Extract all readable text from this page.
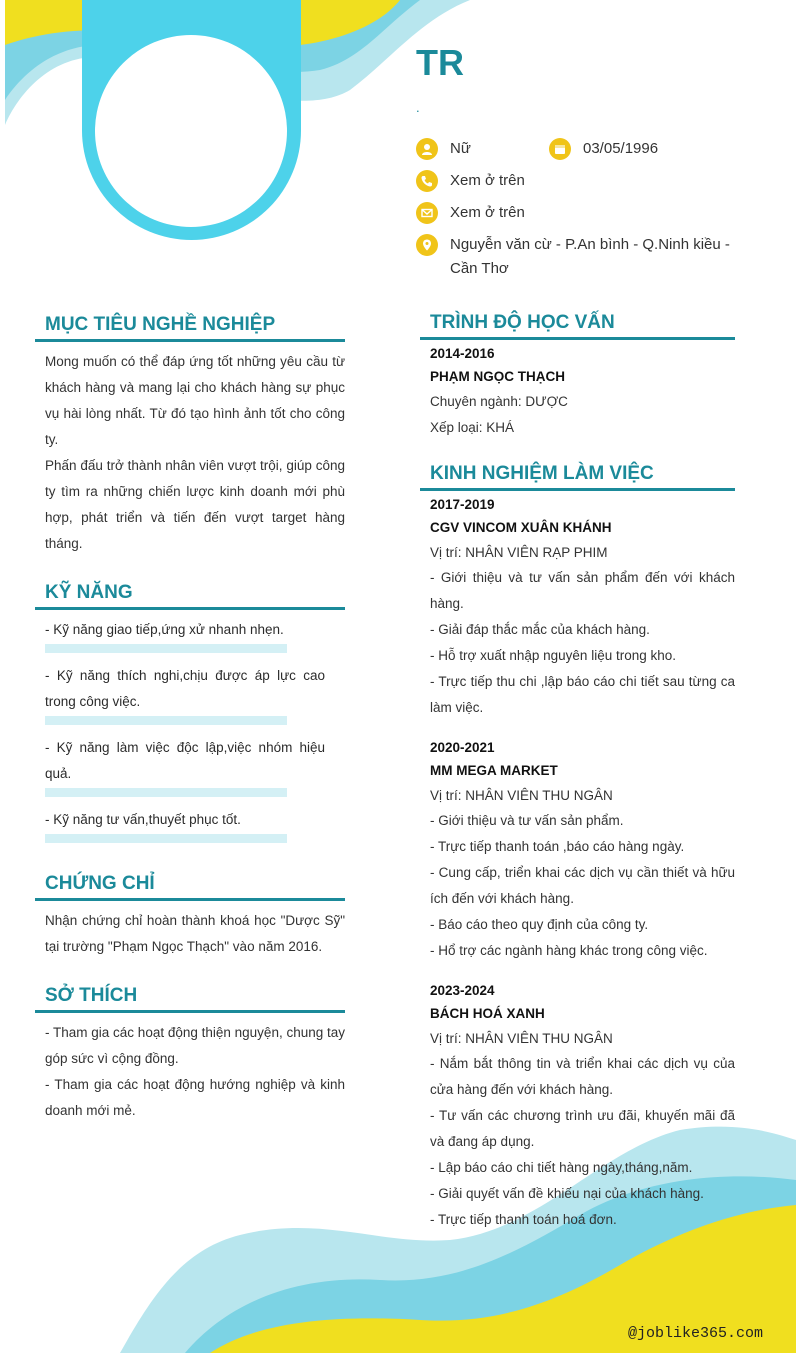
TR
.
Nữ	03/05/1996
Xem ở trên
Xem ở trên
Nguyễn văn cừ - P.An bình - Q.Ninh kiều - Cần Thơ
MỤC TIÊU NGHỀ NGHIỆP
Mong muốn có thể đáp ứng tốt những yêu cầu từ khách hàng và mang lại cho khách hàng sự phục vụ hài lòng nhất. Từ đó tạo hình ảnh tốt cho công ty.
Phấn đấu trở thành nhân viên vượt trội, giúp công ty tìm ra những chiến lược kinh doanh mới phù hợp, phát triển và tiến đến vượt target hàng tháng.
KỸ NĂNG
- Kỹ năng giao tiếp,ứng xử nhanh nhẹn.
- Kỹ năng thích nghi,chịu được áp lực cao trong công việc.
- Kỹ năng làm việc độc lập,việc nhóm hiệu quả.
- Kỹ năng tư vấn,thuyết phục tốt.
CHỨNG CHỈ
Nhận chứng chỉ hoàn thành khoá học "Dược Sỹ" tại trường "Phạm Ngọc Thạch" vào năm 2016.
SỞ THÍCH
- Tham gia các hoạt động thiện nguyện, chung tay góp sức vì cộng đồng.
- Tham gia các hoạt động hướng nghiệp và kinh doanh mới mẻ.
TRÌNH ĐỘ HỌC VẤN
2014-2016
PHẠM NGỌC THẠCH
Chuyên ngành: DƯỢC
Xếp loại: KHÁ
KINH NGHIỆM LÀM VIỆC
2017-2019
CGV VINCOM XUÂN KHÁNH
Vị trí: NHÂN VIÊN RẠP PHIM
- Giới thiệu và tư vấn sản phẩm đến với khách hàng.
- Giải đáp thắc mắc của khách hàng.
- Hỗ trợ xuất nhập nguyên liệu trong kho.
- Trực tiếp thu chi ,lập báo cáo chi tiết sau từng ca làm việc.
2020-2021
MM MEGA MARKET
Vị trí: NHÂN VIÊN THU NGÂN
- Giới thiệu và tư vấn sản phẩm.
- Trực tiếp thanh toán ,báo cáo hàng ngày.
- Cung cấp, triển khai các dịch vụ cần thiết và hữu ích đến với khách hàng.
- Báo cáo theo quy định của công ty.
- Hổ trợ các ngành hàng khác trong công việc.
2023-2024
BÁCH HOÁ XANH
Vị trí: NHÂN VIÊN THU NGÂN
- Nắm bắt thông tin và triển khai các dịch vụ của cửa hàng đến với khách hàng.
- Tư vấn các chương trình ưu đãi, khuyến mãi đã và đang áp dụng.
- Lập báo cáo chi tiết hàng ngày,tháng,năm.
- Giải quyết vấn đề khiếu nại của khách hàng.
- Trực tiếp thanh toán hoá đơn.
@joblike365.com
